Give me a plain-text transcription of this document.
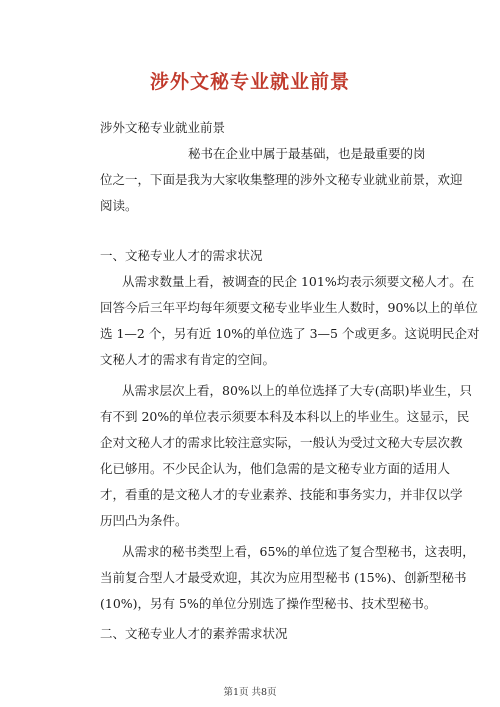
涉外文秘专业就业前景
涉外文秘专业就业前景
秘书在企业中属于最基础，也是最重要的岗
位之一，下面是我为大家收集整理的涉外文秘专业就业前景，欢迎
阅读。
一、文秘专业人才的需求状况
从需求数量上看，被调查的民企 101%均表示须要文秘人才。在
回答今后三年平均每年须要文秘专业毕业生人数时，90%以上的单位
选 1—2 个，另有近 10%的单位选了 3—5 个或更多。这说明民企对
文秘人才的需求有肯定的空间。
从需求层次上看，80%以上的单位选择了大专(高职)毕业生，只
有不到 20%的单位表示须要本科及本科以上的毕业生。这显示，民
企对文秘人才的需求比较注意实际，一般认为受过文秘大专层次教
化已够用。不少民企认为，他们急需的是文秘专业方面的适用人
才，看重的是文秘人才的专业素养、技能和事务实力，并非仅以学
历凹凸为条件。
从需求的秘书类型上看，65%的单位选了复合型秘书，这表明，
当前复合型人才最受欢迎，其次为应用型秘书 (15%)、创新型秘书
(10%)，另有 5%的单位分别选了操作型秘书、技术型秘书。
二、文秘专业人才的素养需求状况
第1页 共8页
